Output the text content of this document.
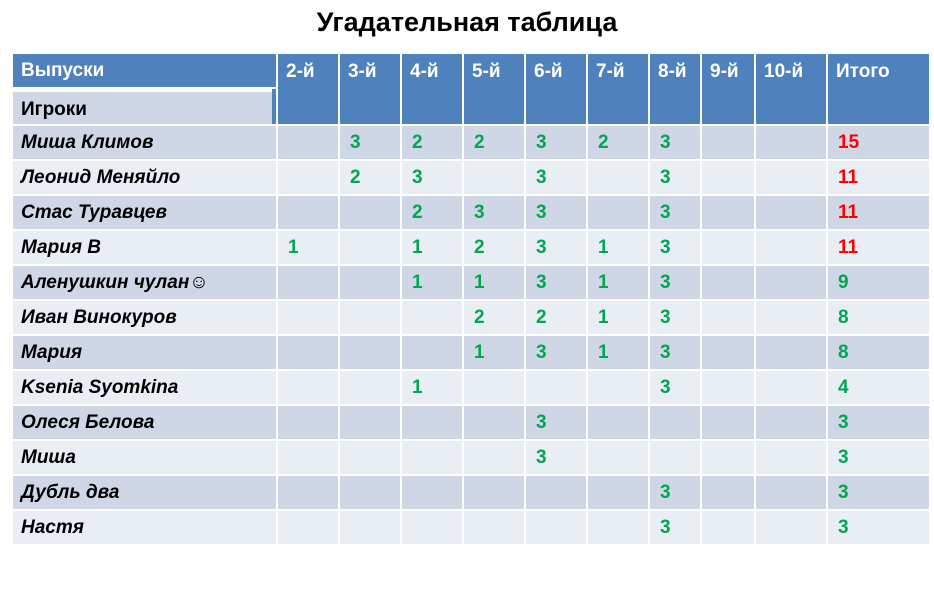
Угадательная таблица
Выпуски	2-й	3-й	4-й	5-й	6-й	7-й	8-й	9-й	10-й	Итого

Игроки										

Миша Климов		3	2	2	3	2	3			15
Леонид Меняйло		2	3		3		3			11
Стас Туравцев			2	3	3		3			11
Мария В	1		1	2	3	1	3			11
Аленушкин чулан☺			1	1	3	1	3			9
Иван Винокуров				2	2	1	3			8
Мария				1	3	1	3			8
Ksenia Syomkina			1				3			4
Олеся Белова					3					3
Миша					3					3
Дубль два							3			3
Настя							3			3
